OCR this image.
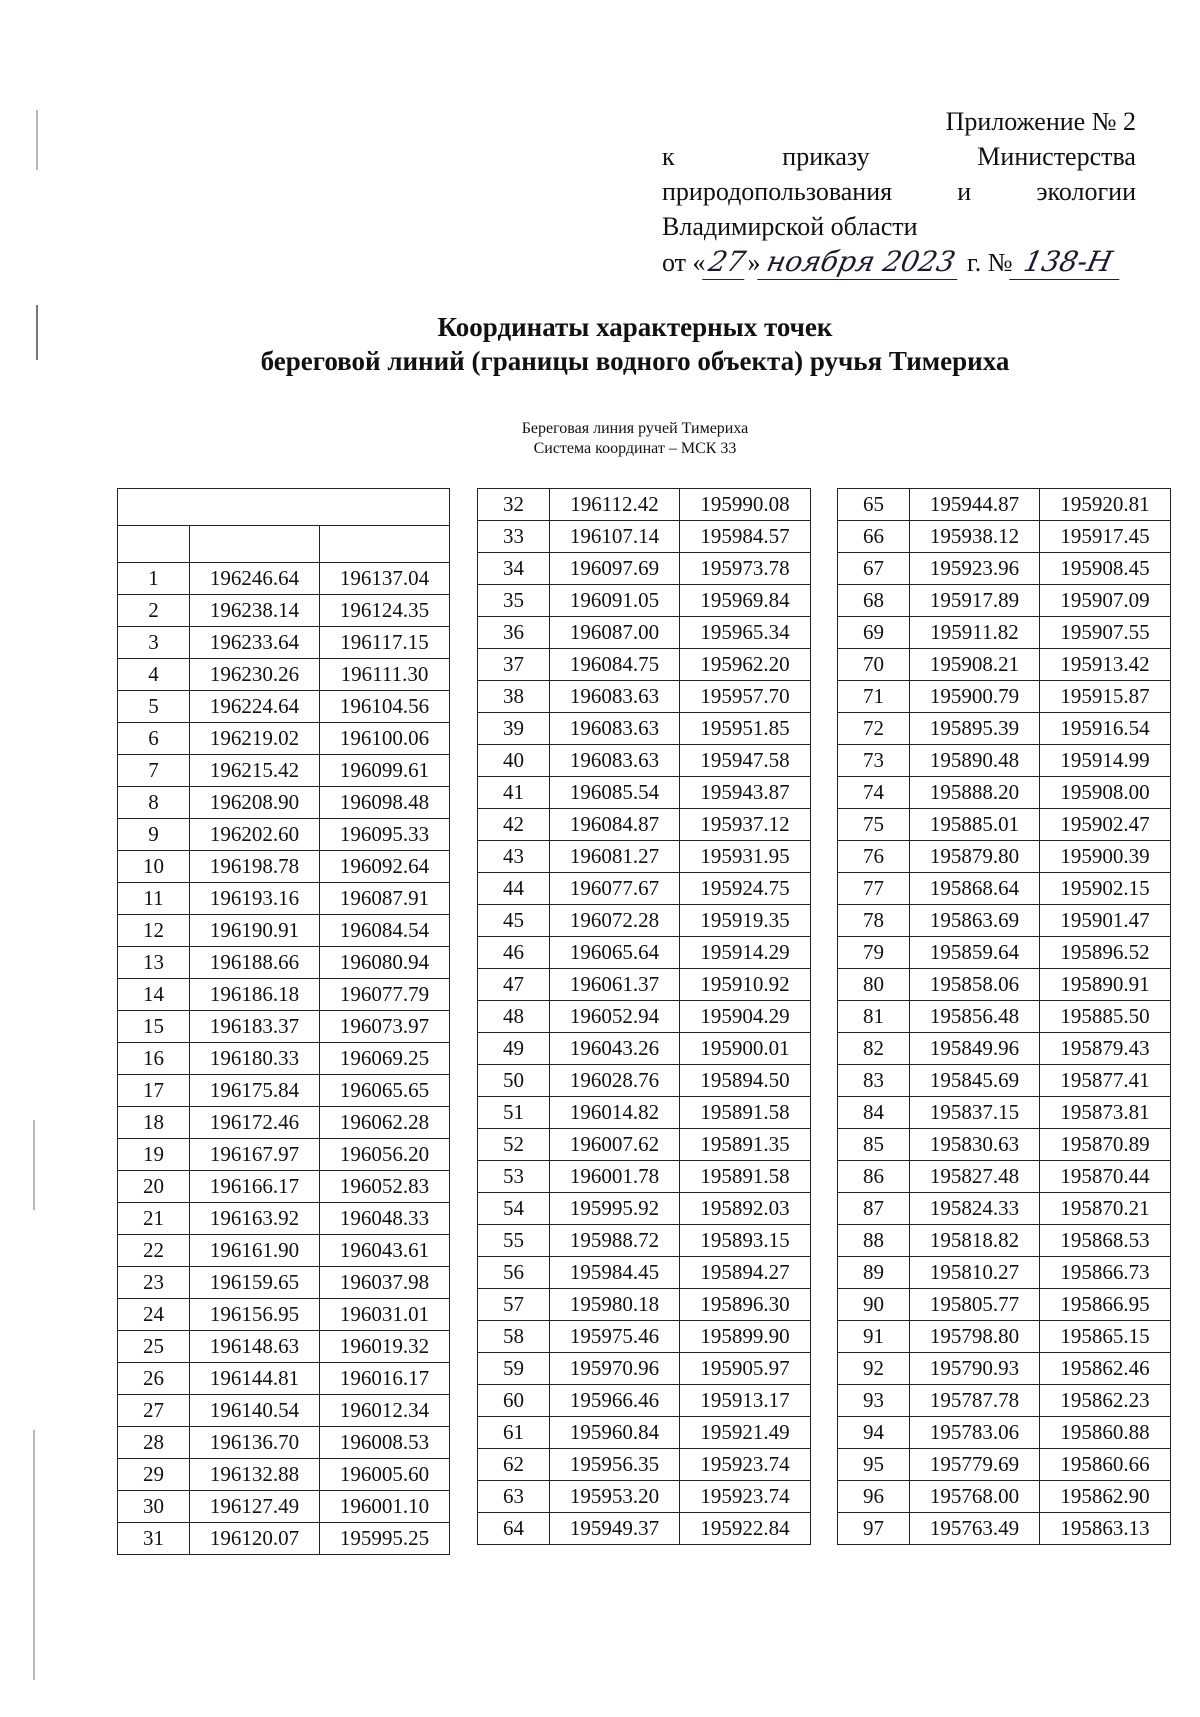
Приложение № 2
к	приказу	Министерства
природопользования	и	экологии
Владимирской области
от «27» ноября 2023 г. № 138-Н
Координаты характерных точек
береговой линий (границы водного объекта) ручья Тимериха
Береговая линия ручей Тимериха
Система координат – МСК 33

1	196246.64	196137.04
2	196238.14	196124.35
3	196233.64	196117.15
4	196230.26	196111.30
5	196224.64	196104.56
6	196219.02	196100.06
7	196215.42	196099.61
8	196208.90	196098.48
9	196202.60	196095.33
10	196198.78	196092.64
11	196193.16	196087.91
12	196190.91	196084.54
13	196188.66	196080.94
14	196186.18	196077.79
15	196183.37	196073.97
16	196180.33	196069.25
17	196175.84	196065.65
18	196172.46	196062.28
19	196167.97	196056.20
20	196166.17	196052.83
21	196163.92	196048.33
22	196161.90	196043.61
23	196159.65	196037.98
24	196156.95	196031.01
25	196148.63	196019.32
26	196144.81	196016.17
27	196140.54	196012.34
28	196136.70	196008.53
29	196132.88	196005.60
30	196127.49	196001.10
31	196120.07	195995.25
32	196112.42	195990.08
33	196107.14	195984.57
34	196097.69	195973.78
35	196091.05	195969.84
36	196087.00	195965.34
37	196084.75	195962.20
38	196083.63	195957.70
39	196083.63	195951.85
40	196083.63	195947.58
41	196085.54	195943.87
42	196084.87	195937.12
43	196081.27	195931.95
44	196077.67	195924.75
45	196072.28	195919.35
46	196065.64	195914.29
47	196061.37	195910.92
48	196052.94	195904.29
49	196043.26	195900.01
50	196028.76	195894.50
51	196014.82	195891.58
52	196007.62	195891.35
53	196001.78	195891.58
54	195995.92	195892.03
55	195988.72	195893.15
56	195984.45	195894.27
57	195980.18	195896.30
58	195975.46	195899.90
59	195970.96	195905.97
60	195966.46	195913.17
61	195960.84	195921.49
62	195956.35	195923.74
63	195953.20	195923.74
64	195949.37	195922.84
65	195944.87	195920.81
66	195938.12	195917.45
67	195923.96	195908.45
68	195917.89	195907.09
69	195911.82	195907.55
70	195908.21	195913.42
71	195900.79	195915.87
72	195895.39	195916.54
73	195890.48	195914.99
74	195888.20	195908.00
75	195885.01	195902.47
76	195879.80	195900.39
77	195868.64	195902.15
78	195863.69	195901.47
79	195859.64	195896.52
80	195858.06	195890.91
81	195856.48	195885.50
82	195849.96	195879.43
83	195845.69	195877.41
84	195837.15	195873.81
85	195830.63	195870.89
86	195827.48	195870.44
87	195824.33	195870.21
88	195818.82	195868.53
89	195810.27	195866.73
90	195805.77	195866.95
91	195798.80	195865.15
92	195790.93	195862.46
93	195787.78	195862.23
94	195783.06	195860.88
95	195779.69	195860.66
96	195768.00	195862.90
97	195763.49	195863.13
